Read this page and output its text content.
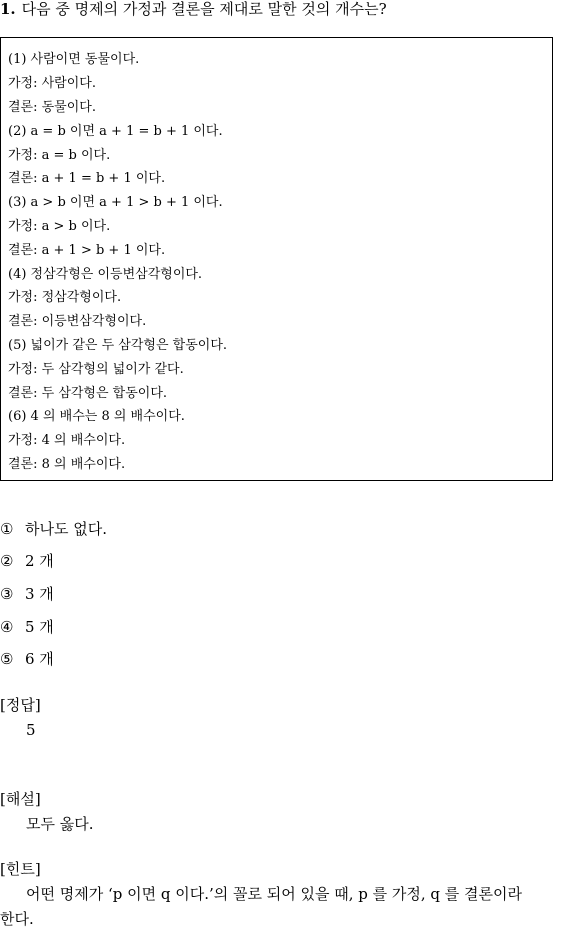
1. 다음 중 명제의 가정과 결론을 제대로 말한 것의 개수는?
(1) 사람이면 동물이다.
가정: 사람이다.
결론: 동물이다.
(2) a = b 이면 a + 1 = b + 1 이다.
가정: a = b 이다.
결론: a + 1 = b + 1 이다.
(3) a > b 이면 a + 1 > b + 1 이다.
가정: a > b 이다.
결론: a + 1 > b + 1 이다.
(4) 정삼각형은 이등변삼각형이다.
가정: 정삼각형이다.
결론: 이등변삼각형이다.
(5) 넓이가 같은 두 삼각형은 합동이다.
가정: 두 삼각형의 넓이가 같다.
결론: 두 삼각형은 합동이다.
(6) 4 의 배수는 8 의 배수이다.
가정: 4 의 배수이다.
결론: 8 의 배수이다.
① 하나도 없다.
② 2 개
③ 3 개
④ 5 개
⑤ 6 개
[정답]
5
[해설]
모두 옳다.
[힌트]
어떤 명제가 ‘p 이면 q 이다.’의 꼴로 되어 있을 때, p 를 가정, q 를 결론이라
한다.
